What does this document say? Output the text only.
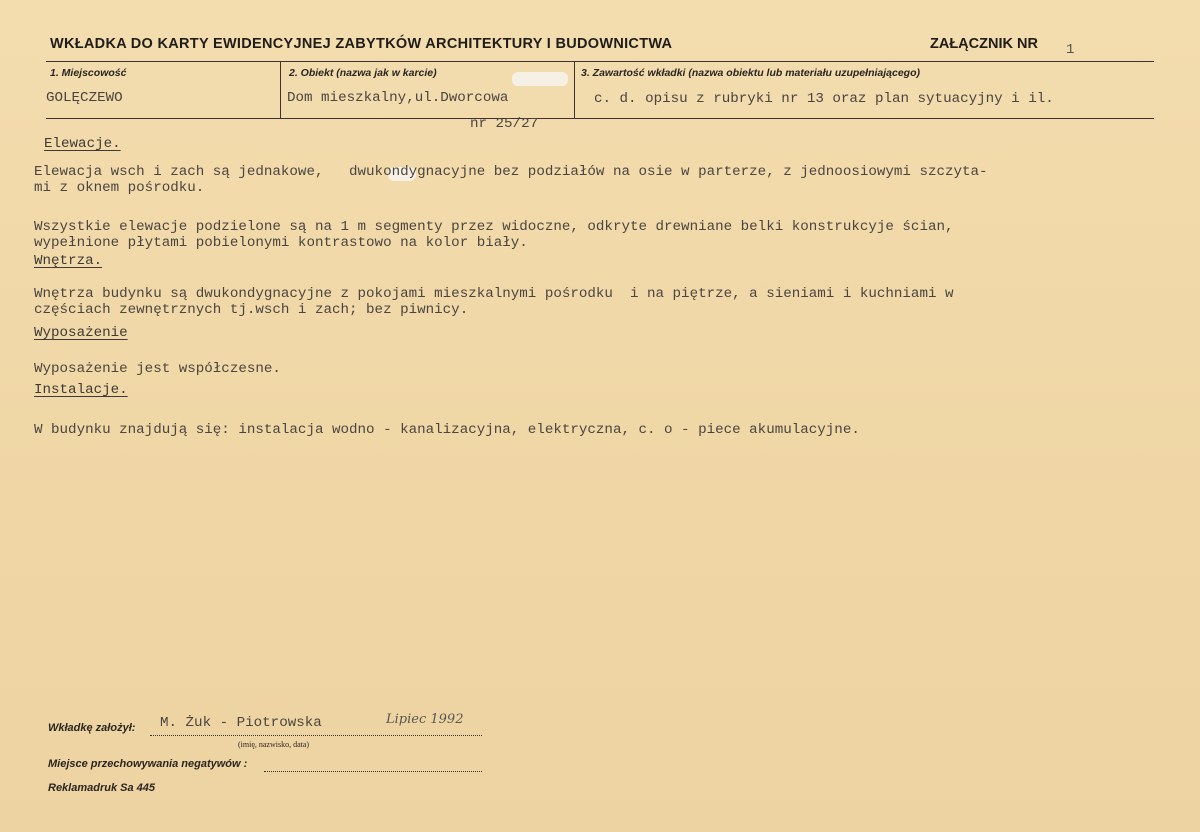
WKŁADKA DO KARTY EWIDENCYJNEJ ZABYTKÓW ARCHITEKTURY I BUDOWNICTWA	ZAŁĄCZNIK NR 1
1. Miejscowość
GOLĘCZEWO
2. Obiekt (nazwa jak w karcie)
Dom mieszkalny,ul.Dworcowa
nr 25/27
3. Zawartość wkładki (nazwa obiektu lub materiału uzupełniającego)
c. d. opisu z rubryki nr 13 oraz plan sytuacyjny i il.
Elewacje.
Elewacja wsch i zach są jednakowe,   dwukondygnacyjne bez podziałów na osie w parterze, z jednoosiowymi szczyta-
mi z oknem pośrodku.
Wszystkie elewacje podzielone są na 1 m segmenty przez widoczne, odkryte drewniane belki konstrukcyje ścian,
wypełnione płytami pobielonymi kontrastowo na kolor biały.
Wnętrza.
Wnętrza budynku są dwukondygnacyjne z pokojami mieszkalnymi pośrodku  i na piętrze, a sieniami i kuchniami w
częściach zewnętrznych tj.wsch i zach; bez piwnicy.
Wyposażenie
Wyposażenie jest współczesne.
Instalacje.
W budynku znajdują się: instalacja wodno - kanalizacyjna, elektryczna, c. o - piece akumulacyjne.
Wkładkę założył: M. Żuk - Piotrowska	Lipiec 1992
(imię, nazwisko, data)
Miejsce przechowywania negatywów :
Reklamadruk Sa 445
